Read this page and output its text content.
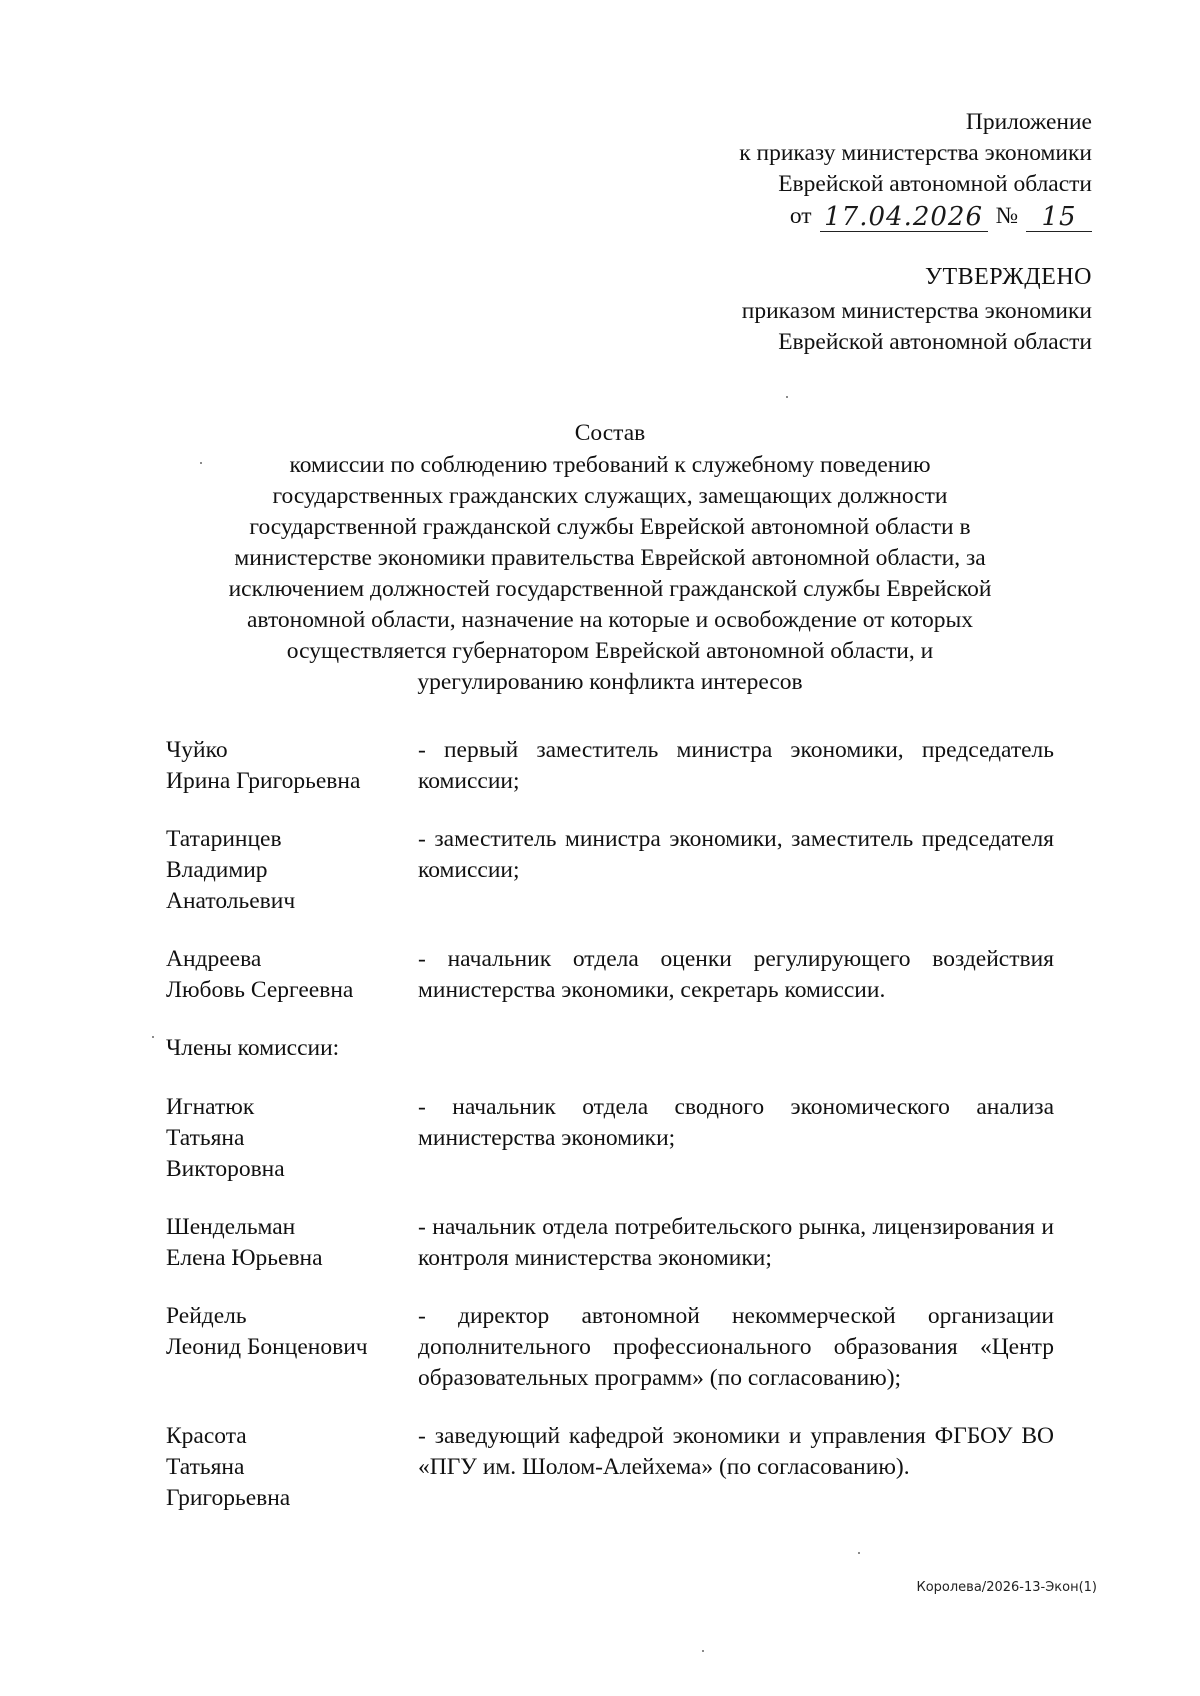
Приложение
к приказу министерства экономики
Еврейской автономной области
от 17.04.2026 № 15
УТВЕРЖДЕНО
приказом министерства экономики
Еврейской автономной области
Состав
комиссии по соблюдению требований к служебному поведению
государственных гражданских служащих, замещающих должности
государственной гражданской службы Еврейской автономной области в
министерстве экономики правительства Еврейской автономной области, за
исключением должностей государственной гражданской службы Еврейской
автономной области, назначение на которые и освобождение от которых
осуществляется губернатором Еврейской автономной области, и
урегулированию конфликта интересов
Чуйко
Ирина Григорьевна
- первый заместитель министра экономики, председатель комиссии;
Татаринцев
Владимир
Анатольевич
- заместитель министра экономики, заместитель председателя комиссии;
Андреева
Любовь Сергеевна
- начальник отдела оценки регулирующего воздействия министерства экономики, секретарь комиссии.
Члены комиссии:
Игнатюк
Татьяна
Викторовна
- начальник отдела сводного экономического анализа министерства экономики;
Шендельман
Елена Юрьевна
- начальник отдела потребительского рынка, лицензирования и контроля министерства экономики;
Рейдель
Леонид Бонценович
- директор автономной некоммерческой организации дополнительного профессионального образования «Центр образовательных программ» (по согласованию);
Красота
Татьяна
Григорьевна
- заведующий кафедрой экономики и управления ФГБОУ ВО «ПГУ им. Шолом-Алейхема» (по согласованию).
Королева/2026-13-Экон(1)
